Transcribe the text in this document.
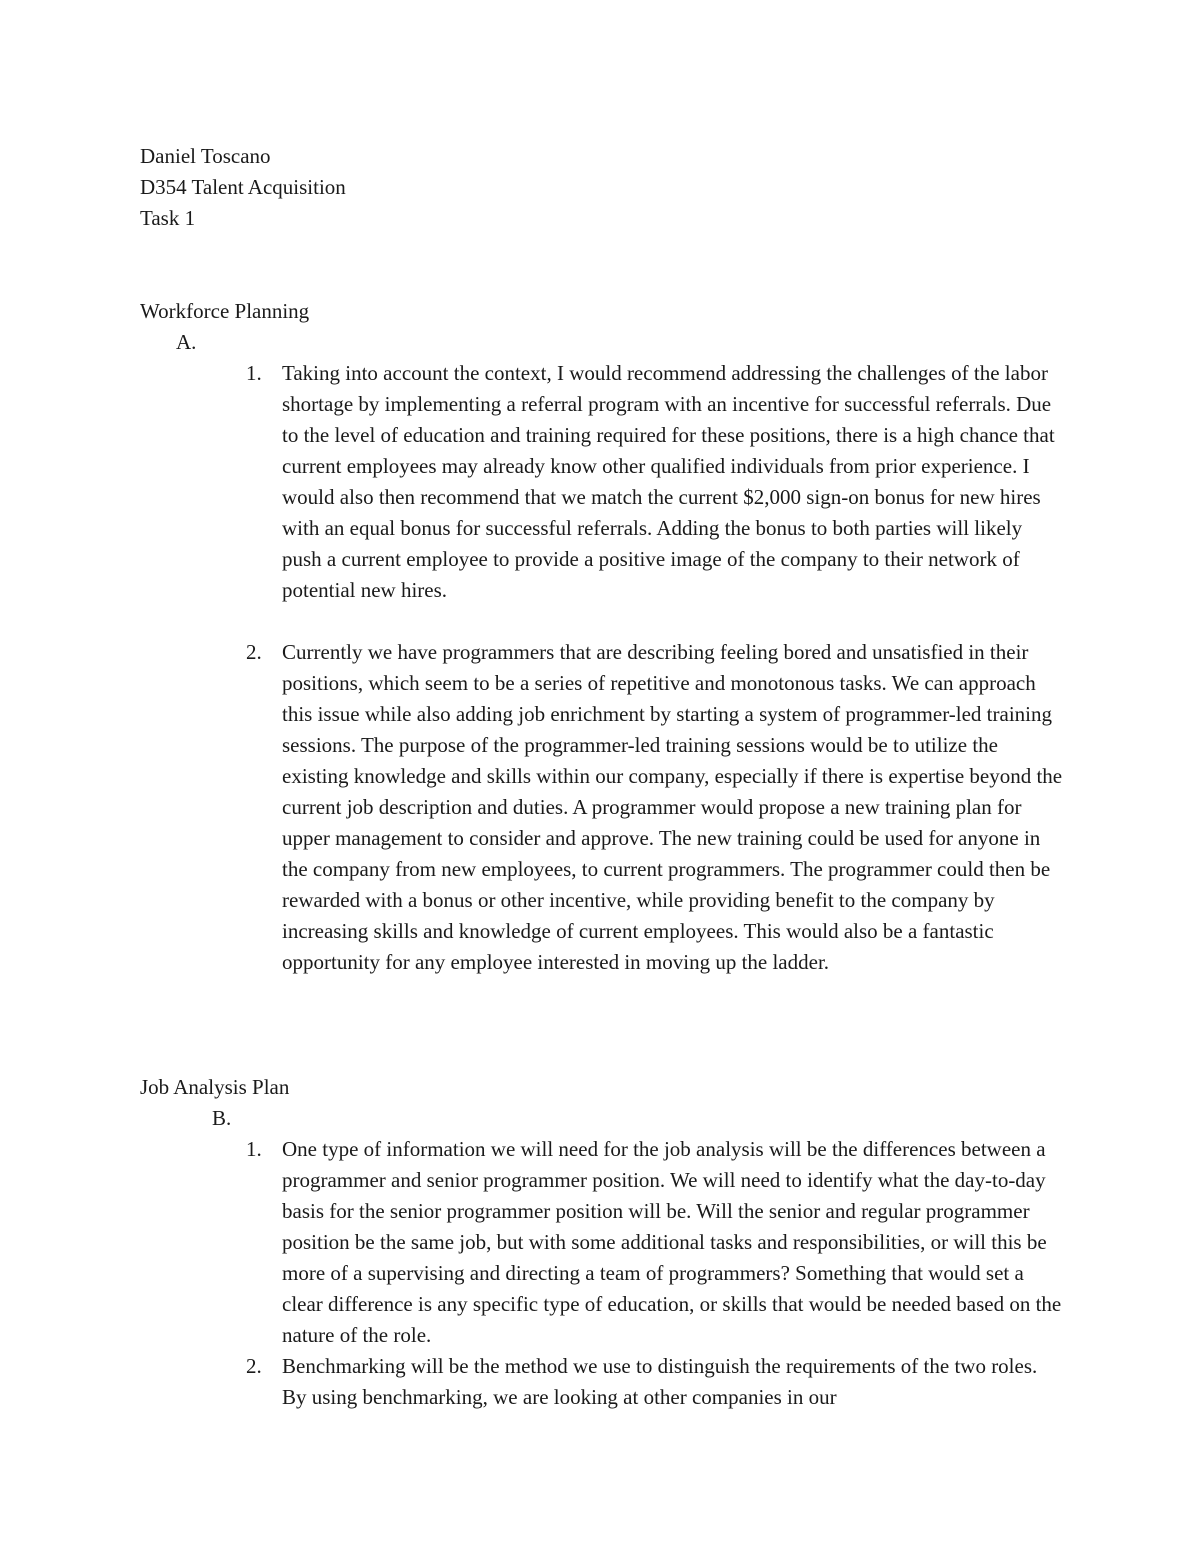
Daniel Toscano
D354 Talent Acquisition
Task 1
Workforce Planning
A.
1. Taking into account the context, I would recommend addressing the challenges of the labor shortage by implementing a referral program with an incentive for successful referrals. Due to the level of education and training required for these positions, there is a high chance that current employees may already know other qualified individuals from prior experience. I would also then recommend that we match the current $2,000 sign-on bonus for new hires with an equal bonus for successful referrals. Adding the bonus to both parties will likely push a current employee to provide a positive image of the company to their network of potential new hires.
2. Currently we have programmers that are describing feeling bored and unsatisfied in their positions, which seem to be a series of repetitive and monotonous tasks. We can approach this issue while also adding job enrichment by starting a system of programmer-led training sessions. The purpose of the programmer-led training sessions would be to utilize the existing knowledge and skills within our company, especially if there is expertise beyond the current job description and duties. A programmer would propose a new training plan for upper management to consider and approve. The new training could be used for anyone in the company from new employees, to current programmers. The programmer could then be rewarded with a bonus or other incentive, while providing benefit to the company by increasing skills and knowledge of current employees. This would also be a fantastic opportunity for any employee interested in moving up the ladder.
Job Analysis Plan
B.
1. One type of information we will need for the job analysis will be the differences between a programmer and senior programmer position. We will need to identify what the day-to-day basis for the senior programmer position will be. Will the senior and regular programmer position be the same job, but with some additional tasks and responsibilities, or will this be more of a supervising and directing a team of programmers? Something that would set a clear difference is any specific type of education, or skills that would be needed based on the nature of the role.
2. Benchmarking will be the method we use to distinguish the requirements of the two roles. By using benchmarking, we are looking at other companies in our
